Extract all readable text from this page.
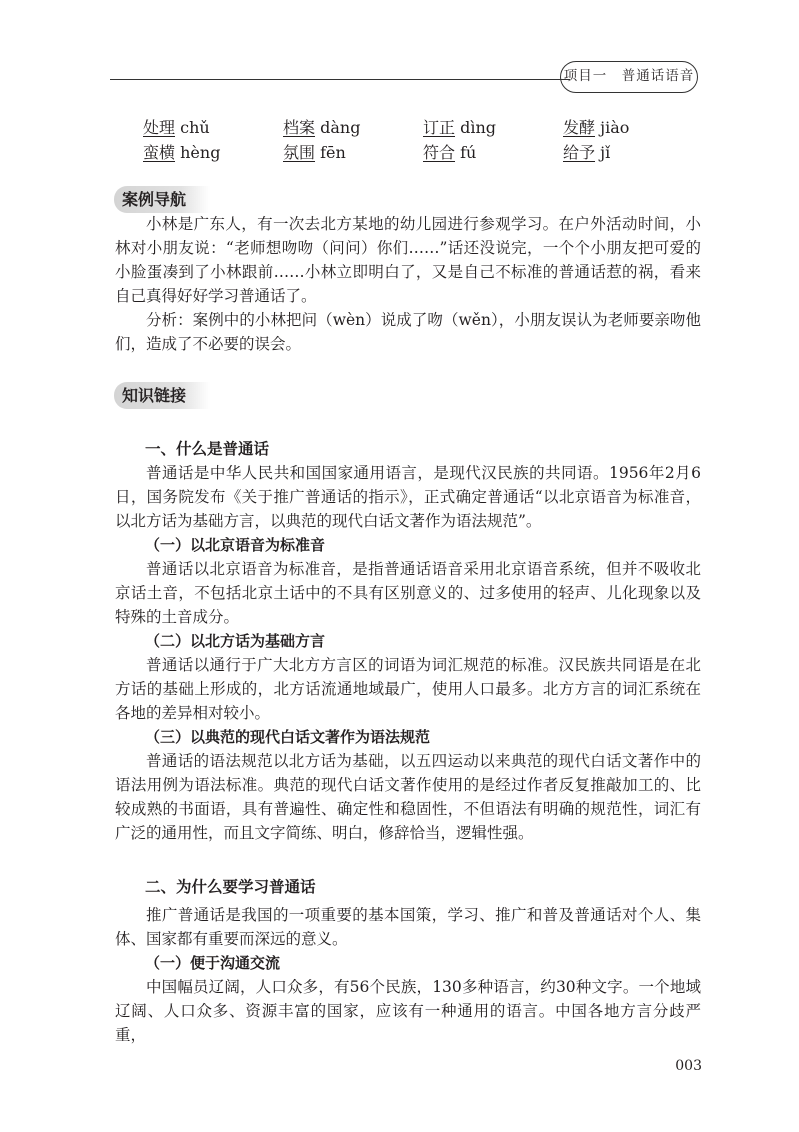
项目一　普通话语音
处理 chǔ	档案 dàng	订正 dìng	发酵 jiào
蛮横 hèng	氛围 fēn	符合 fú	给予 jǐ
案例导航

小林是广东人，有一次去北方某地的幼儿园进行参观学习。在户外活动时间，小林对小朋友说：“老师想吻吻（问问）你们……”话还没说完，一个个小朋友把可爱的小脸蛋凑到了小林跟前……小林立即明白了，又是自己不标准的普通话惹的祸，看来自己真得好好学习普通话了。

分析：案例中的小林把问（wèn）说成了吻（wěn），小朋友误认为老师要亲吻他们，造成了不必要的误会。

知识链接
一、什么是普通话

普通话是中华人民共和国国家通用语言，是现代汉民族的共同语。1956年2月6日，国务院发布《关于推广普通话的指示》，正式确定普通话“以北京语音为标准音，以北方话为基础方言，以典范的现代白话文著作为语法规范”。

（一）以北京语音为标准音

普通话以北京语音为标准音，是指普通话语音采用北京语音系统，但并不吸收北京话土音，不包括北京土话中的不具有区别意义的、过多使用的轻声、儿化现象以及特殊的土音成分。

（二）以北方话为基础方言

普通话以通行于广大北方方言区的词语为词汇规范的标准。汉民族共同语是在北方话的基础上形成的，北方话流通地域最广，使用人口最多。北方方言的词汇系统在各地的差异相对较小。

（三）以典范的现代白话文著作为语法规范

普通话的语法规范以北方话为基础，以五四运动以来典范的现代白话文著作中的语法用例为语法标准。典范的现代白话文著作使用的是经过作者反复推敲加工的、比较成熟的书面语，具有普遍性、确定性和稳固性，不但语法有明确的规范性，词汇有广泛的通用性，而且文字简练、明白，修辞恰当，逻辑性强。

二、为什么要学习普通话

推广普通话是我国的一项重要的基本国策，学习、推广和普及普通话对个人、集体、国家都有重要而深远的意义。

（一）便于沟通交流

中国幅员辽阔，人口众多，有56个民族，130多种语言，约30种文字。一个地域辽阔、人口众多、资源丰富的国家，应该有一种通用的语言。中国各地方言分歧严重，

003
